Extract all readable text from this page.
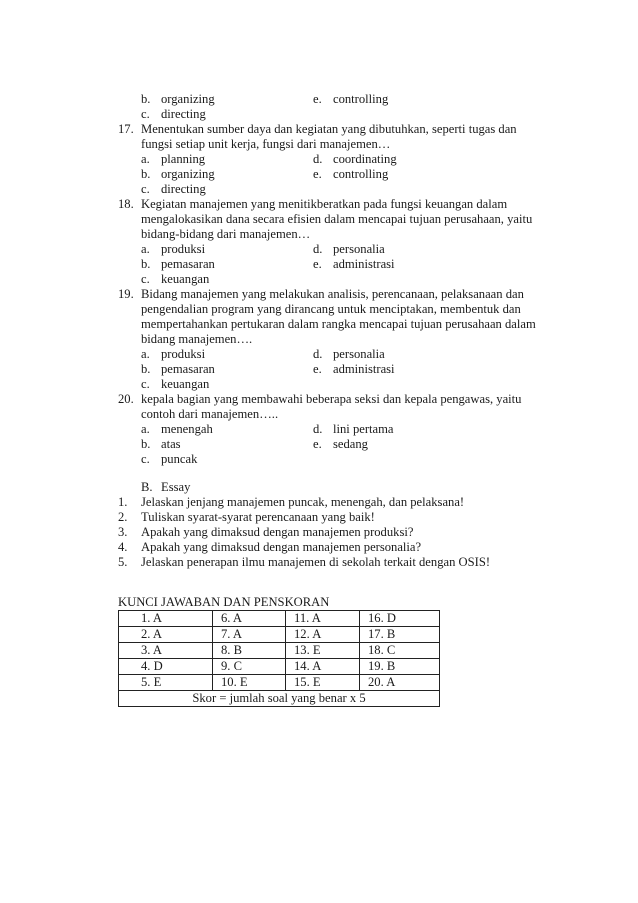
b. organizing	e. controlling
c. directing
17. Menentukan sumber daya dan kegiatan yang dibutuhkan, seperti tugas dan
fungsi setiap unit kerja, fungsi dari manajemen…
a. planning	d. coordinating
b. organizing	e. controlling
c. directing
18. Kegiatan manajemen yang menitikberatkan pada fungsi keuangan dalam
mengalokasikan dana secara efisien dalam mencapai tujuan perusahaan, yaitu
bidang-bidang dari manajemen…
a. produksi	d. personalia
b. pemasaran	e. administrasi
c. keuangan
19. Bidang manajemen yang melakukan analisis, perencanaan, pelaksanaan dan
pengendalian program yang dirancang untuk menciptakan, membentuk dan
mempertahankan pertukaran dalam rangka mencapai tujuan perusahaan dalam
bidang manajemen….
a. produksi	d. personalia
b. pemasaran	e. administrasi
c. keuangan
20. kepala bagian yang membawahi beberapa seksi dan kepala pengawas, yaitu
contoh dari manajemen…..
a. menengah	d. lini pertama
b. atas	e. sedang
c. puncak
B. Essay
1. Jelaskan jenjang manajemen puncak, menengah, dan pelaksana!
2. Tuliskan syarat-syarat perencanaan yang baik!
3. Apakah yang dimaksud dengan manajemen produksi?
4. Apakah yang dimaksud dengan manajemen personalia?
5. Jelaskan penerapan ilmu manajemen di sekolah terkait dengan OSIS!
KUNCI JAWABAN DAN PENSKORAN
1. A	6. A	11. A	16. D
2. A	7. A	12. A	17. B
3. A	8. B	13. E	18. C
4. D	9. C	14. A	19. B
5. E	10. E	15. E	20. A
Skor = jumlah soal yang benar x 5			
